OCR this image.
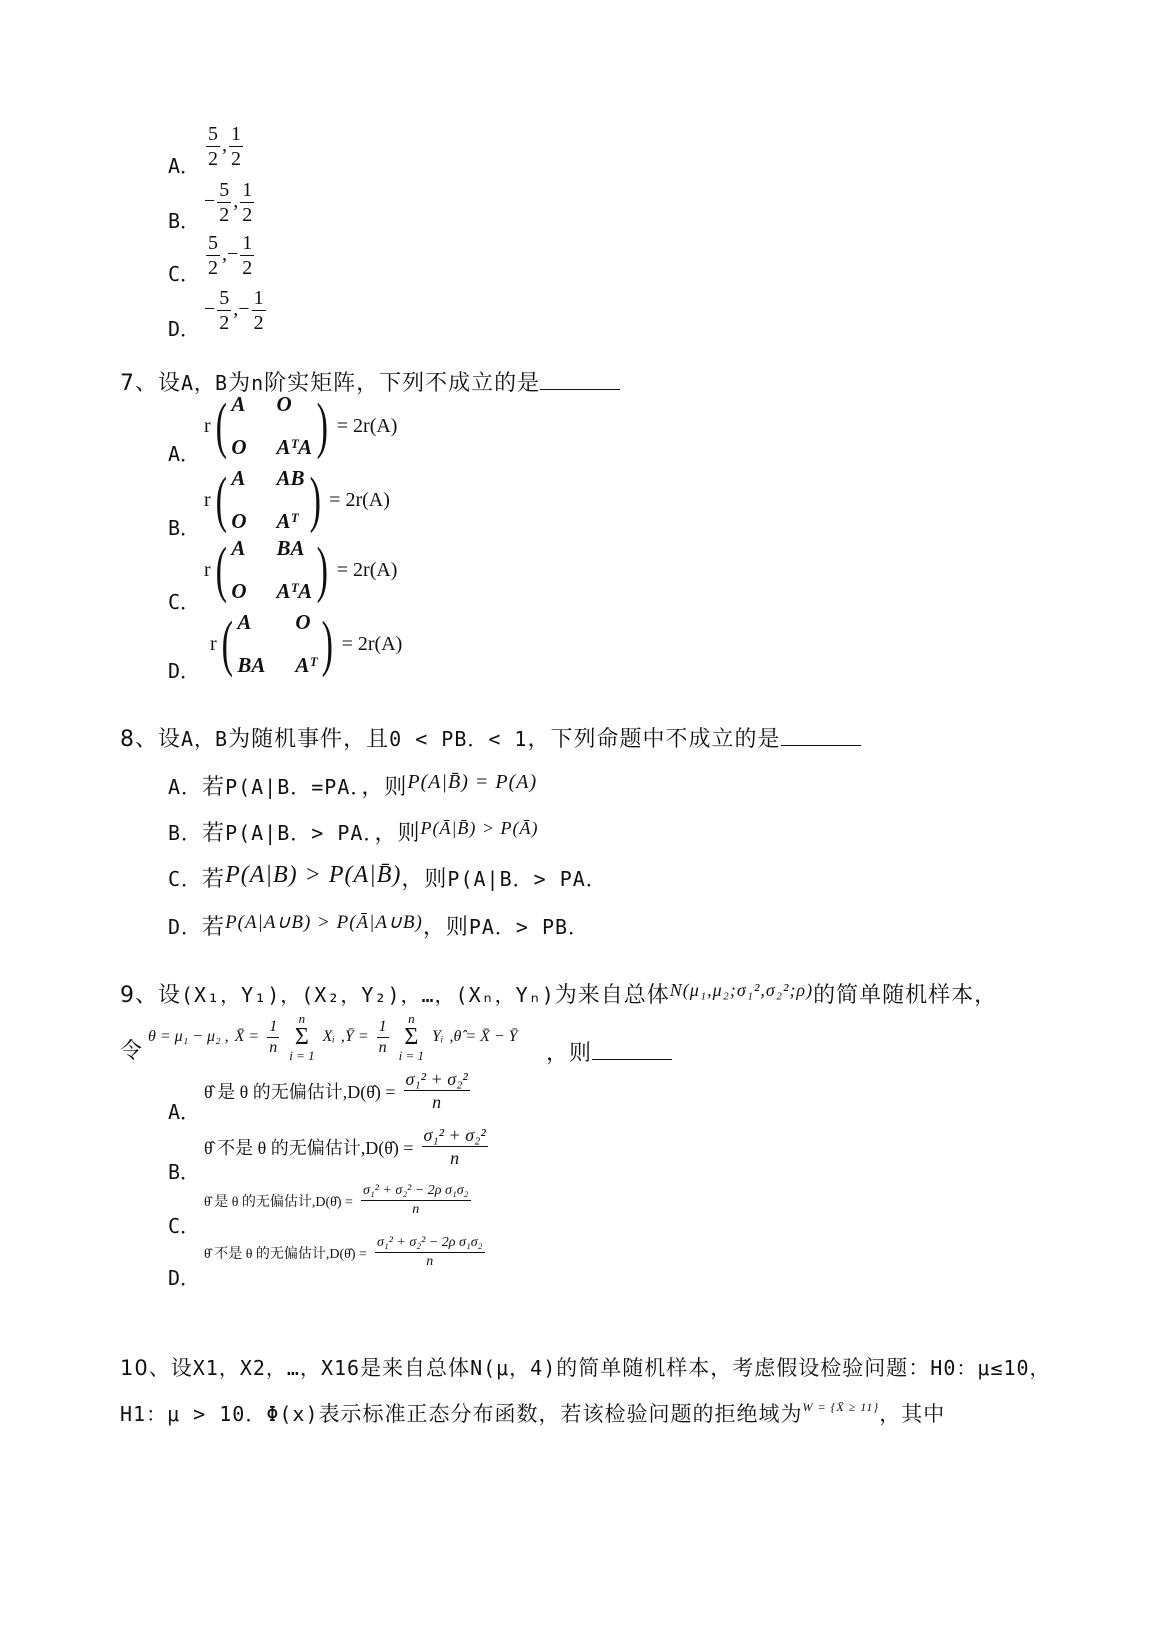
A． $\frac{5}{2}$ , $\frac{1}{2}$
B．
− $\frac{5}{2}$ , $\frac{1}{2}$
C． $\frac{5}{2}$ ,− $\frac{1}{2}$
D．
− $\frac{5}{2}$ ,− $\frac{1}{2}$
7、设A，B为n阶实矩阵，下列不成立的是
A．
r ( A O
O AᵀA ) = 2r(A)
B．
r ( A AB
O Aᵀ ) = 2r(A)
C．
r ( A BA
O AᵀA ) = 2r(A)
D．
r ( A	O
BA Aᵀ ) = 2r(A)
8、设A，B为随机事件，且0 < PB．< 1，下列命题中不成立的是
A．若P(A|B．=PA．，则P(A|B̄) = P(A)
B．若P(A|B．> PA．，则$^{P(Ā|B̄) > P(Ā)}$
C．若P(A|B) > P(A|B̄)，则P(A|B．> PA．
D．若P(A|A∪B) > P(Ā|A∪B)，则PA．> PB．
9、设(X₁，Y₁)，(X₂，Y₂)，…，(Xₙ，Yₙ)为来自总体$^{N(\mu_1,\mu_2;\sigma_1^2,\sigma_2^2;\rho)}$的简单随机样本，
令
θ = μ₁ − μ₂ , X̄ = $\frac{1}{n}$ n
Σ
i = 1
Xᵢ ,Ȳ = $\frac{1}{n}$ n
Σ
i = 1
Yᵢ ,θ̂ = X̄ − Ȳ
，则
A．
θ̂ 是 θ 的无偏估计,D(θ̂) = $\frac{\text{σ₁² + σ₂²}}{n}$
B．
θ̂ 不是 θ 的无偏估计,D(θ̂) = $\frac{\text{σ₁² + σ₂²}}{n}$
C．
θ̂ 是 θ 的无偏估计,D(θ̂) = $\frac{\text{σ₁² + σ₂² − 2ρ σ₁σ₂}}{n}$
D．
θ̂ 不是 θ 的无偏估计,D(θ̂) = $\frac{\text{σ₁² + σ₂² − 2ρ σ₁σ₂}}{n}$
10、设X1，X2，…，X16是来自总体N(μ，4)的简单随机样本，考虑假设检验问题：H0：μ≤10，
H1：μ > 10．Φ(x)表示标准正态分布函数，若该检验问题的拒绝域为$^{W = \{X̄ \ge 11\}}$，其中
